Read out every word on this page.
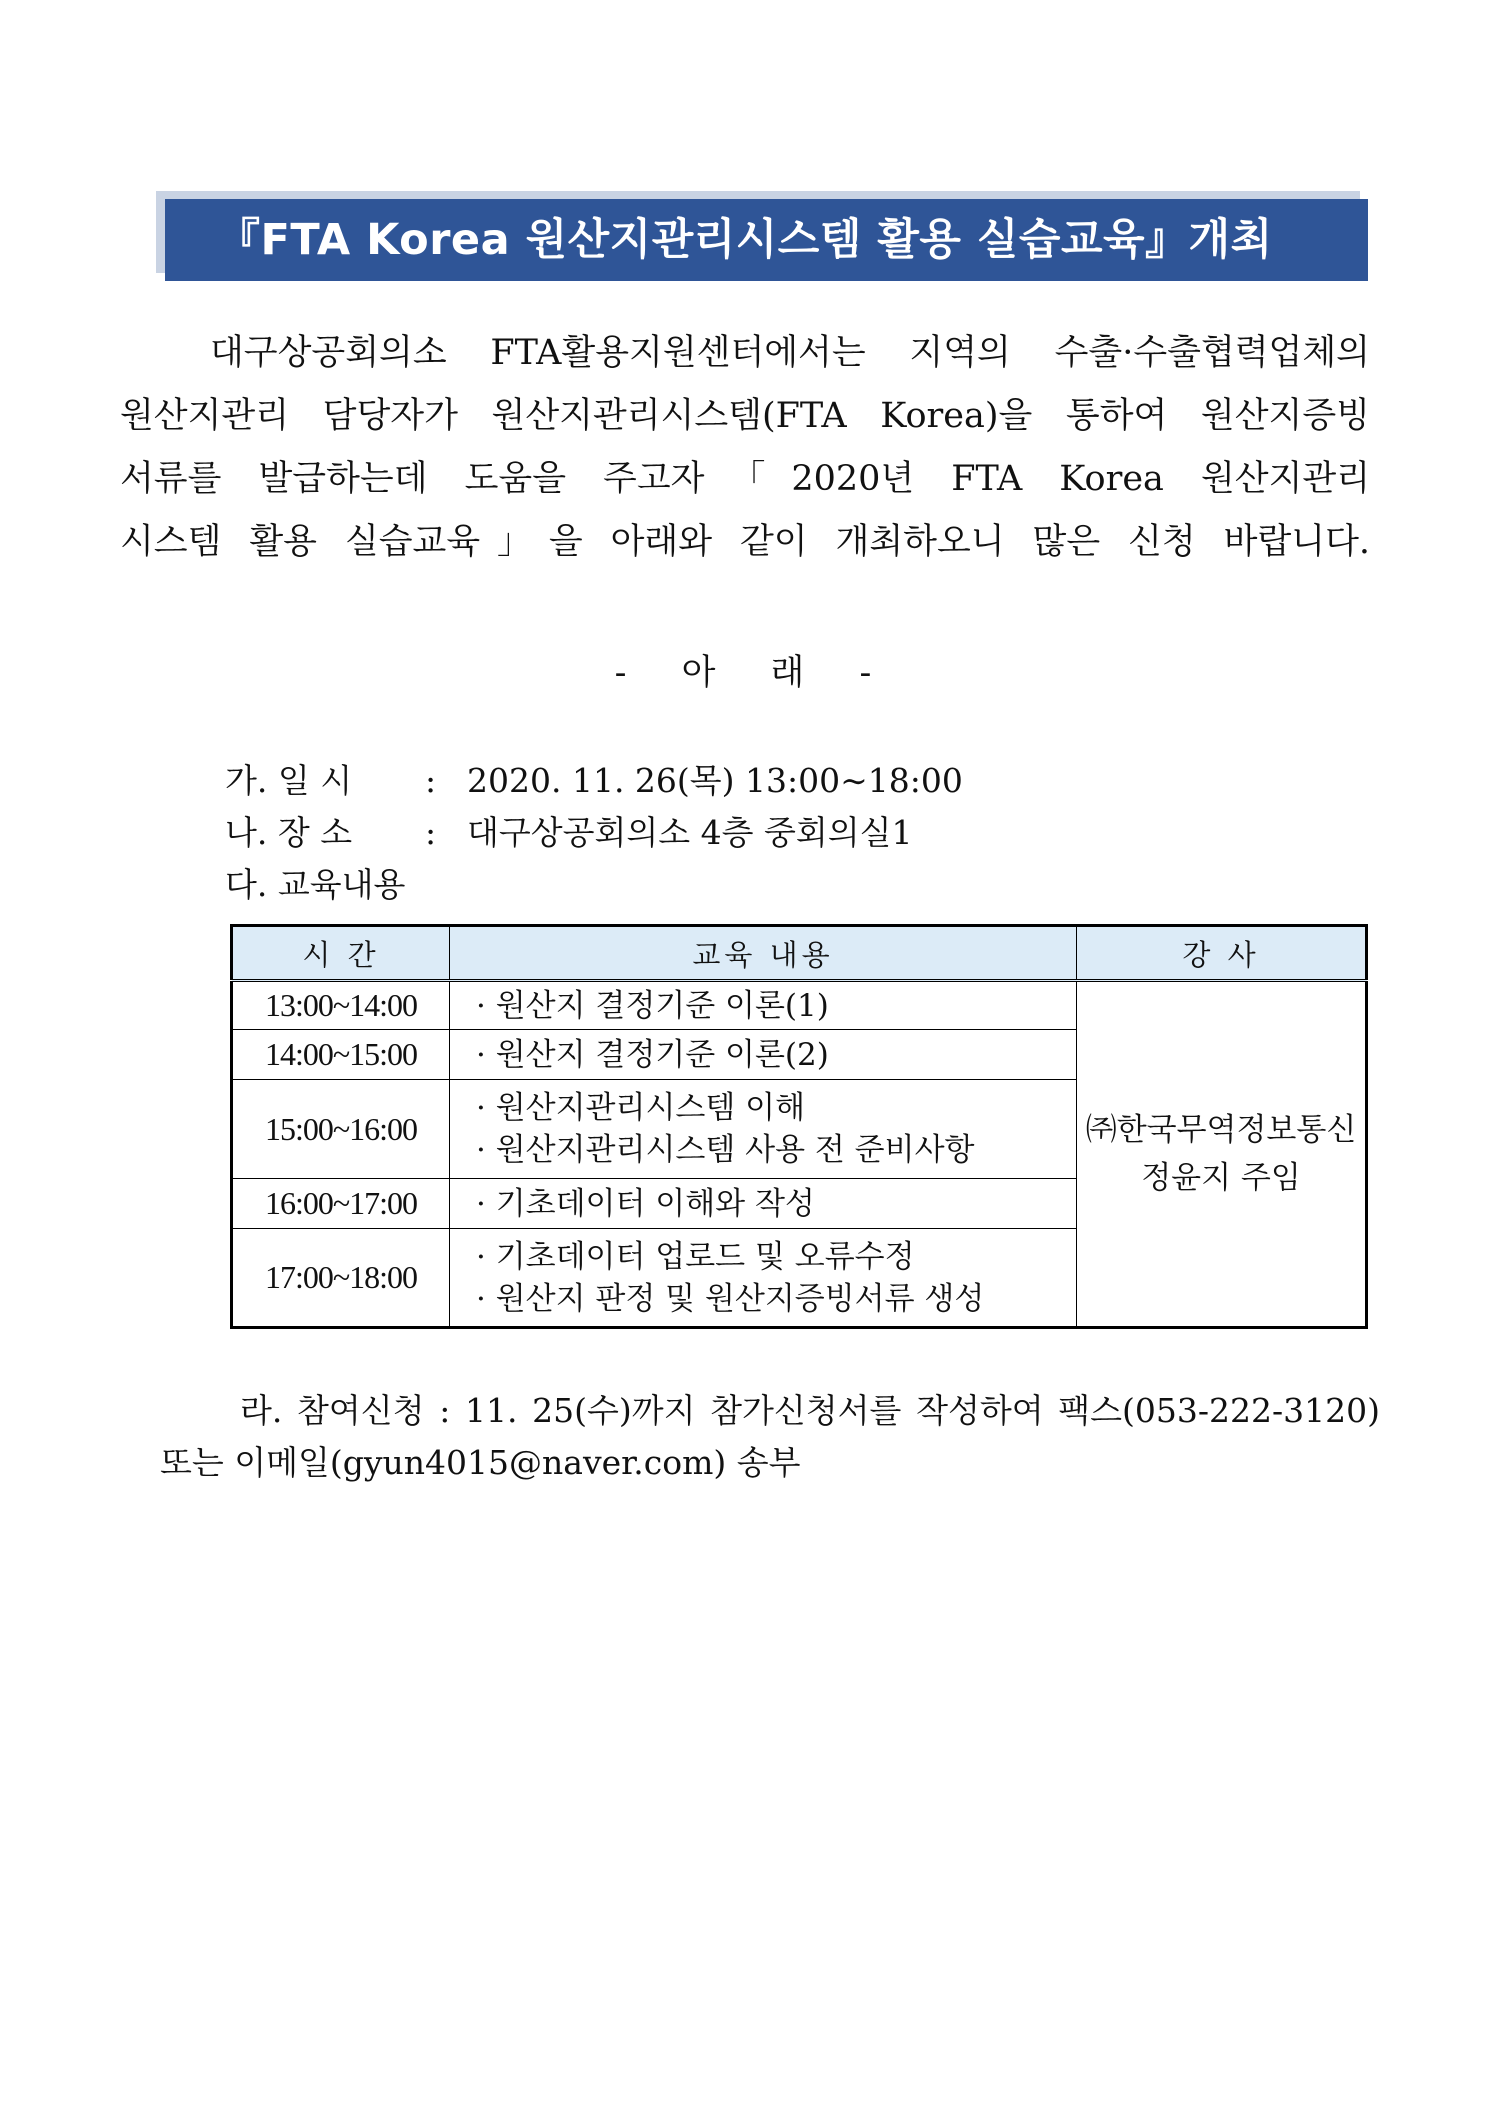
『FTA Korea 원산지관리시스템 활용 실습교육』개최
대구상공회의소 FTA활용지원센터에서는 지역의 수출·수출협력업체의
원산지관리 담당자가 원산지관리시스템(FTA Korea)을 통하여 원산지증빙
서류를 발급하는데 도움을 주고자「2020년 FTA Korea 원산지관리
시스템 활용 실습교육」을 아래와 같이 개최하오니 많은 신청 바랍니다.
- 아 래 -
가. 일 시	: 2020. 11. 26(목) 13:00∼18:00
나. 장 소	: 대구상공회의소 4층 중회의실1
다. 교육내용
시 간	교육 내용	강 사
13:00~14:00	· 원산지 결정기준 이론(1)	㈜한국무역정보통신
정윤지 주임

14:00~15:00	· 원산지 결정기준 이론(2)	

15:00~16:00	· 원산지관리시스템 이해
· 원산지관리시스템 사용 전 준비사항	

16:00~17:00	· 기초데이터 이해와 작성	

17:00~18:00	· 기초데이터 업로드 및 오류수정
· 원산지 판정 및 원산지증빙서류 생성	
라. 참여신청 : 11. 25(수)까지 참가신청서를 작성하여 팩스(053-222-3120)
또는 이메일(gyun4015@naver.com) 송부
